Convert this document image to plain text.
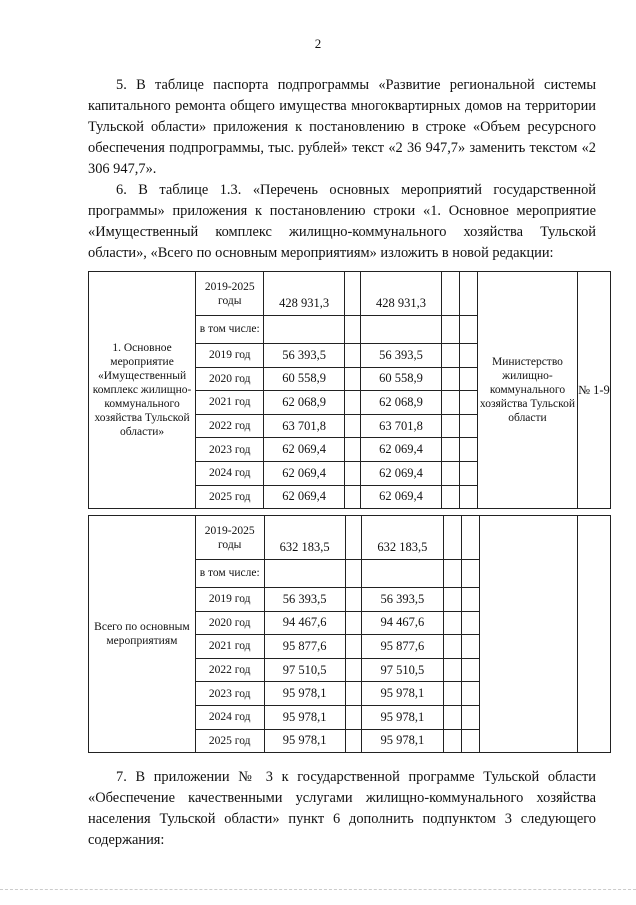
2

5. В таблице паспорта подпрограммы «Развитие региональной системы капитального ремонта общего имущества многоквартирных домов на территории Тульской области» приложения к постановлению в строке «Объем ресурсного обеспечения подпрограммы, тыс. рублей» текст «2 36 947,7» заменить текстом «2 306 947,7».

6. В таблице 1.3. «Перечень основных мероприятий государственной программы» приложения к постановлению строки «1. Основное мероприятие «Имущественный комплекс жилищно-коммунального хозяйства Тульской области», «Всего по основным мероприятиям» изложить в новой редакции:

1. Основное мероприятие «Имущественный комплекс жилищно-коммунального хозяйства Тульской области»	2019-2025 годы	428 931,3		428 931,3			Министерство жилищно-коммунального хозяйства Тульской области	№ 1-9
	в том числе:							
	2019 год	56 393,5		56 393,5				
	2020 год	60 558,9		60 558,9				
	2021 год	62 068,9		62 068,9				
	2022 год	63 701,8		63 701,8				
	2023 год	62 069,4		62 069,4				
	2024 год	62 069,4		62 069,4				
	2025 год	62 069,4		62 069,4				
Всего по основным мероприятиям	2019-2025 годы	632 183,5		632 183,5				
	в том числе:							
	2019 год	56 393,5		56 393,5				
	2020 год	94 467,6		94 467,6				
	2021 год	95 877,6		95 877,6				
	2022 год	97 510,5		97 510,5				
	2023 год	95 978,1		95 978,1				
	2024 год	95 978,1		95 978,1				
	2025 год	95 978,1		95 978,1				

7. В приложении № 3 к государственной программе Тульской области «Обеспечение качественными услугами жилищно-коммунального хозяйства населения Тульской области» пункт 6 дополнить подпунктом 3 следующего содержания:
